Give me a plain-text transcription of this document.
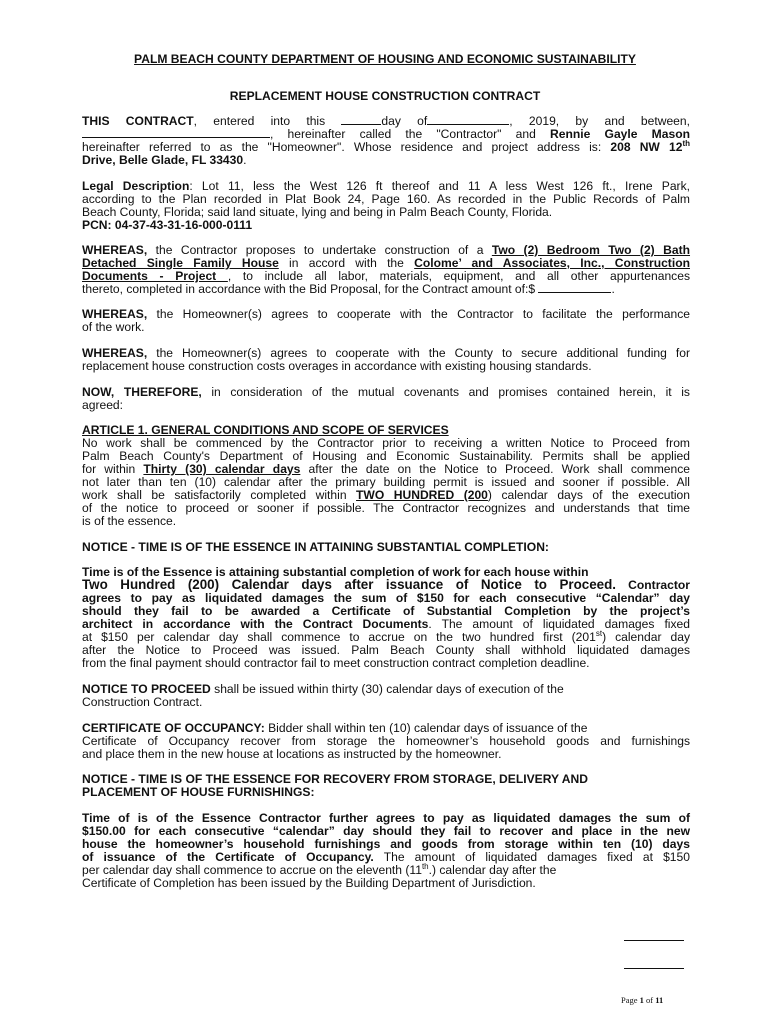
PALM BEACH COUNTY DEPARTMENT OF HOUSING AND ECONOMIC SUSTAINABILITY
REPLACEMENT HOUSE CONSTRUCTION CONTRACT
THIS CONTRACT, entered into this	day of	, 2019, by and between,
, hereinafter called the "Contractor" and Rennie Gayle Mason
hereinafter referred to as the "Homeowner". Whose residence and project address is: 208 NW 12th
Drive, Belle Glade, FL 33430.
Legal Description: Lot 11, less the West 126 ft thereof and 11 A less West 126 ft., Irene Park,
according to the Plan recorded in Plat Book 24, Page 160. As recorded in the Public Records of Palm
Beach County, Florida; said land situate, lying and being in Palm Beach County, Florida.
PCN: 04-37-43-31-16-000-0111
WHEREAS, the Contractor proposes to undertake construction of a Two (2) Bedroom Two (2) Bath
Detached Single Family House in accord with the Colome’ and Associates, Inc., Construction
Documents - Project , to include all labor, materials, equipment, and all other appurtenances
thereto, completed in accordance with the Bid Proposal, for the Contract amount of:$	.
WHEREAS, the Homeowner(s) agrees to cooperate with the Contractor to facilitate the performance
of the work.
WHEREAS, the Homeowner(s) agrees to cooperate with the County to secure additional funding for
replacement house construction costs overages in accordance with existing housing standards.
NOW, THEREFORE, in consideration of the mutual covenants and promises contained herein, it is
agreed:
ARTICLE 1. GENERAL CONDITIONS AND SCOPE OF SERVICES
No work shall be commenced by the Contractor prior to receiving a written Notice to Proceed from
Palm Beach County's Department of Housing and Economic Sustainability. Permits shall be applied
for within Thirty (30) calendar days after the date on the Notice to Proceed. Work shall commence
not later than ten (10) calendar after the primary building permit is issued and sooner if possible. All
work shall be satisfactorily completed within TWO HUNDRED (200) calendar days of the execution
of the notice to proceed or sooner if possible. The Contractor recognizes and understands that time
is of the essence.
NOTICE - TIME IS OF THE ESSENCE IN ATTAINING SUBSTANTIAL COMPLETION:
Time is of the Essence is attaining substantial completion of work for each house within
Two Hundred (200) Calendar days after issuance of Notice to Proceed. Contractor
agrees to pay as liquidated damages the sum of $150 for each consecutive “Calendar” day
should they fail to be awarded a Certificate of Substantial Completion by the project’s
architect in accordance with the Contract Documents. The amount of liquidated damages fixed
at $150 per calendar day shall commence to accrue on the two hundred first (201st) calendar day
after the Notice to Proceed was issued. Palm Beach County shall withhold liquidated damages
from the final payment should contractor fail to meet construction contract completion deadline.
NOTICE TO PROCEED shall be issued within thirty (30) calendar days of execution of the
Construction Contract.
CERTIFICATE OF OCCUPANCY: Bidder shall within ten (10) calendar days of issuance of the
Certificate of Occupancy recover from storage the homeowner’s household goods and furnishings
and place them in the new house at locations as instructed by the homeowner.
NOTICE - TIME IS OF THE ESSENCE FOR RECOVERY FROM STORAGE, DELIVERY AND
PLACEMENT OF HOUSE FURNISHINGS:
Time of is of the Essence Contractor further agrees to pay as liquidated damages the sum of
$150.00 for each consecutive “calendar” day should they fail to recover and place in the new
house the homeowner’s household furnishings and goods from storage within ten (10) days
of issuance of the Certificate of Occupancy. The amount of liquidated damages fixed at $150
per calendar day shall commence to accrue on the eleventh (11th.) calendar day after the
Certificate of Completion has been issued by the Building Department of Jurisdiction.
Page 1 of 11
